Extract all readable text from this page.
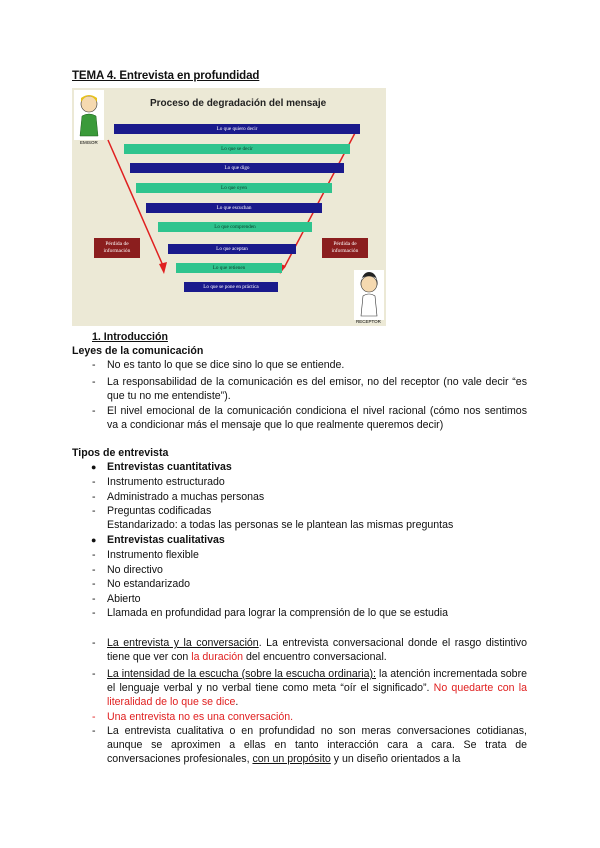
TEMA 4. Entrevista en profundidad
Proceso de degradación del mensaje
EMISOR
RECEPTOR
Lo que quiero decir
Lo que se decir
Lo que digo
Lo que oyen
Lo que escuchan
Lo que comprenden
Lo que aceptan
Lo que retienen
Lo que se pone en práctica
Pérdida de información
Pérdida de información
1. Introducción
Leyes de la comunicación
- No es tanto lo que se dice sino lo que se entiende.
- La responsabilidad de la comunicación es del emisor, no del receptor (no vale decir “es que tu no me entendiste”).
- El nivel emocional de la comunicación condiciona el nivel racional (cómo nos sentimos va a condicionar más el mensaje que lo que realmente queremos decir)
Tipos de entrevista
● Entrevistas cuantitativas
- Instrumento estructurado
- Administrado a muchas personas
- Preguntas codificadas
Estandarizado: a todas las personas se le plantean las mismas preguntas
● Entrevistas cualitativas
- Instrumento flexible
- No directivo
- No estandarizado
- Abierto
- Llamada en profundidad para lograr la comprensión de lo que se estudia
- La entrevista y la conversación. La entrevista conversacional donde el rasgo distintivo tiene que ver con la duración del encuentro conversacional.
- La intensidad de la escucha (sobre la escucha ordinaria): la atención incrementada sobre el lenguaje verbal y no verbal tiene como meta “oír el significado”. No quedarte con la literalidad de lo que se dice.
- Una entrevista no es una conversación.
- La entrevista cualitativa o en profundidad no son meras conversaciones cotidianas, aunque se aproximen a ellas en tanto interacción cara a cara. Se trata de conversaciones profesionales, con un propósito y un diseño orientados a la
